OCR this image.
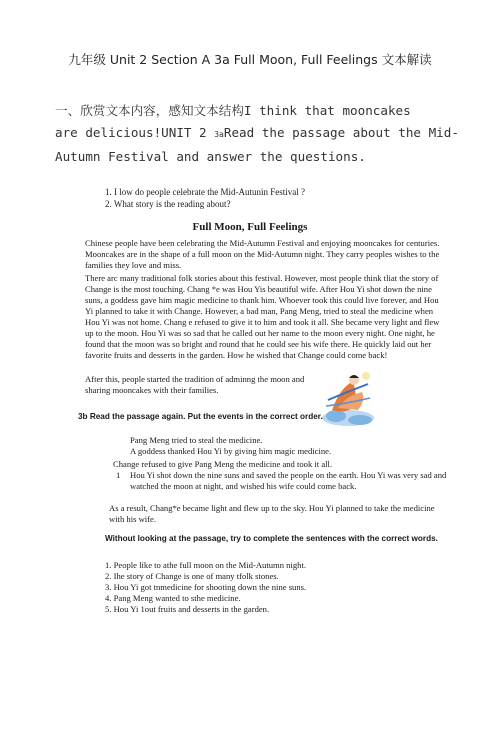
九年级 Unit 2 Section A 3a Full Moon, Full Feelings 文本解读
一、欣赏文本内容，感知文本结构I think that mooncakes
are delicious!UNIT 2 3aRead the passage about the Mid-
Autumn Festival and answer the questions.
1. I low do people celebrate the Mid-Autunin Festival ?
2. What story is the reading about?
Full Moon, Full Feelings
Chinese people have been celebrating the Mid-Autumn Festival and enjoying mooncakes for centuries. Mooncakes are in the shape of a full moon on the Mid-Autumn night. They carry peoples wishes to the families they love and miss.
There arc many traditional folk stories about this festival. However, most people think tliat the story of Change is the most touching. Chang *e was Hou Yis beautiful wife. After Hou Yi shot down the nine suns, a goddess gave him magic medicine to thank him. Whoever took this could live forever, and Hou Yi planned to take it with Change. However, a bad man, Pang Meng, tried to steal the medicine when Hou Yi was not home. Chang e refused to give it to him and took it all. She became very light and flew up to the moon. Hou Yi was so sad that he called out her name to the moon every night. One night, he found that the moon was so bright and round that he could see his wife there. He quickly laid out her favorite fruits and desserts in the garden. How he wished that Change could come back!
After this, people started the tradition of adminng the moon and sharing mooncakes with their families.
3b Read the passage again. Put the events in the correct order.
Pang Meng tried to steal the medicine.
A goddess thanked Hou Yi by giving him magic medicine.
Change refused to give Pang Meng the medicine and took it all.
1 Hou Yi shot down the nine suns and saved the people on the earth. Hou Yi was very sad and watched the moon at night, and wished his wife could come back.
As a result, Chang*e became light and flew up to the sky. Hou Yi planned to take the medicine with his wife.
Without looking at the passage, try to complete the sentences with the correct words.
1. People like to athe full moon on the Mid-Autumn night.
2. Ihe story of Change is one of many tfolk stones.
3. Hou Yi got tnmedicine for shooting down the nine suns.
4. Pang Meng wanted to sthe medicine.
5. Hou Yi 1out fruits and desserts in the garden.
